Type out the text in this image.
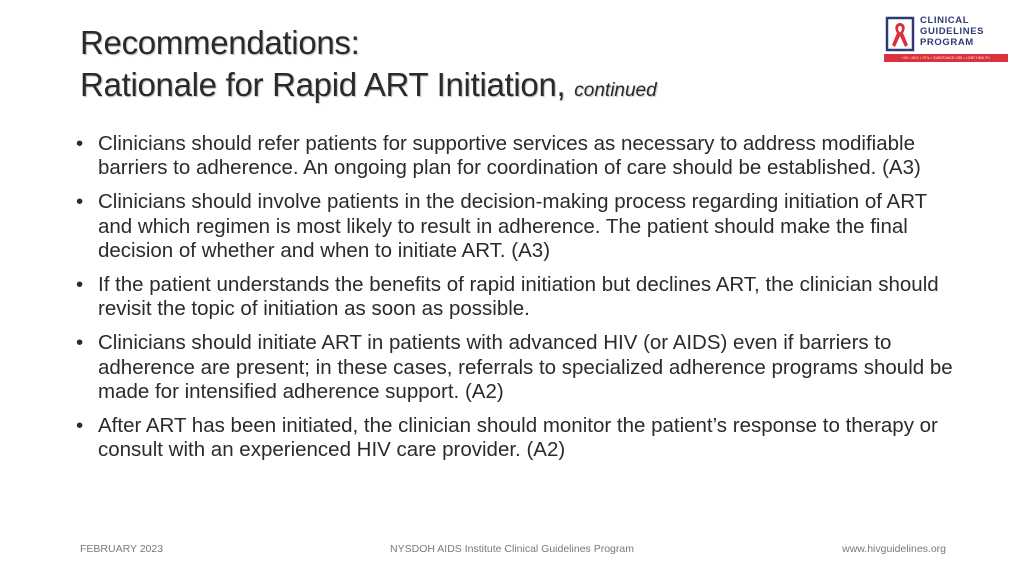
Recommendations:
Rationale for Rapid ART Initiation, continued
CLINICAL
GUIDELINES
PROGRAM
HIV • HCV • STIs • SUBSTANCE USE • LGBT HEALTH
• Clinicians should refer patients for supportive services as necessary to address modifiable barriers to adherence. An ongoing plan for coordination of care should be established. (A3)
• Clinicians should involve patients in the decision-making process regarding initiation of ART and which regimen is most likely to result in adherence. The patient should make the final decision of whether and when to initiate ART. (A3)
• If the patient understands the benefits of rapid initiation but declines ART, the clinician should revisit the topic of initiation as soon as possible.
• Clinicians should initiate ART in patients with advanced HIV (or AIDS) even if barriers to adherence are present; in these cases, referrals to specialized adherence programs should be made for intensified adherence support. (A2)
• After ART has been initiated, the clinician should monitor the patient’s response to therapy or consult with an experienced HIV care provider. (A2)
FEBRUARY 2023	NYSDOH AIDS Institute Clinical Guidelines Program	www.hivguidelines.org
